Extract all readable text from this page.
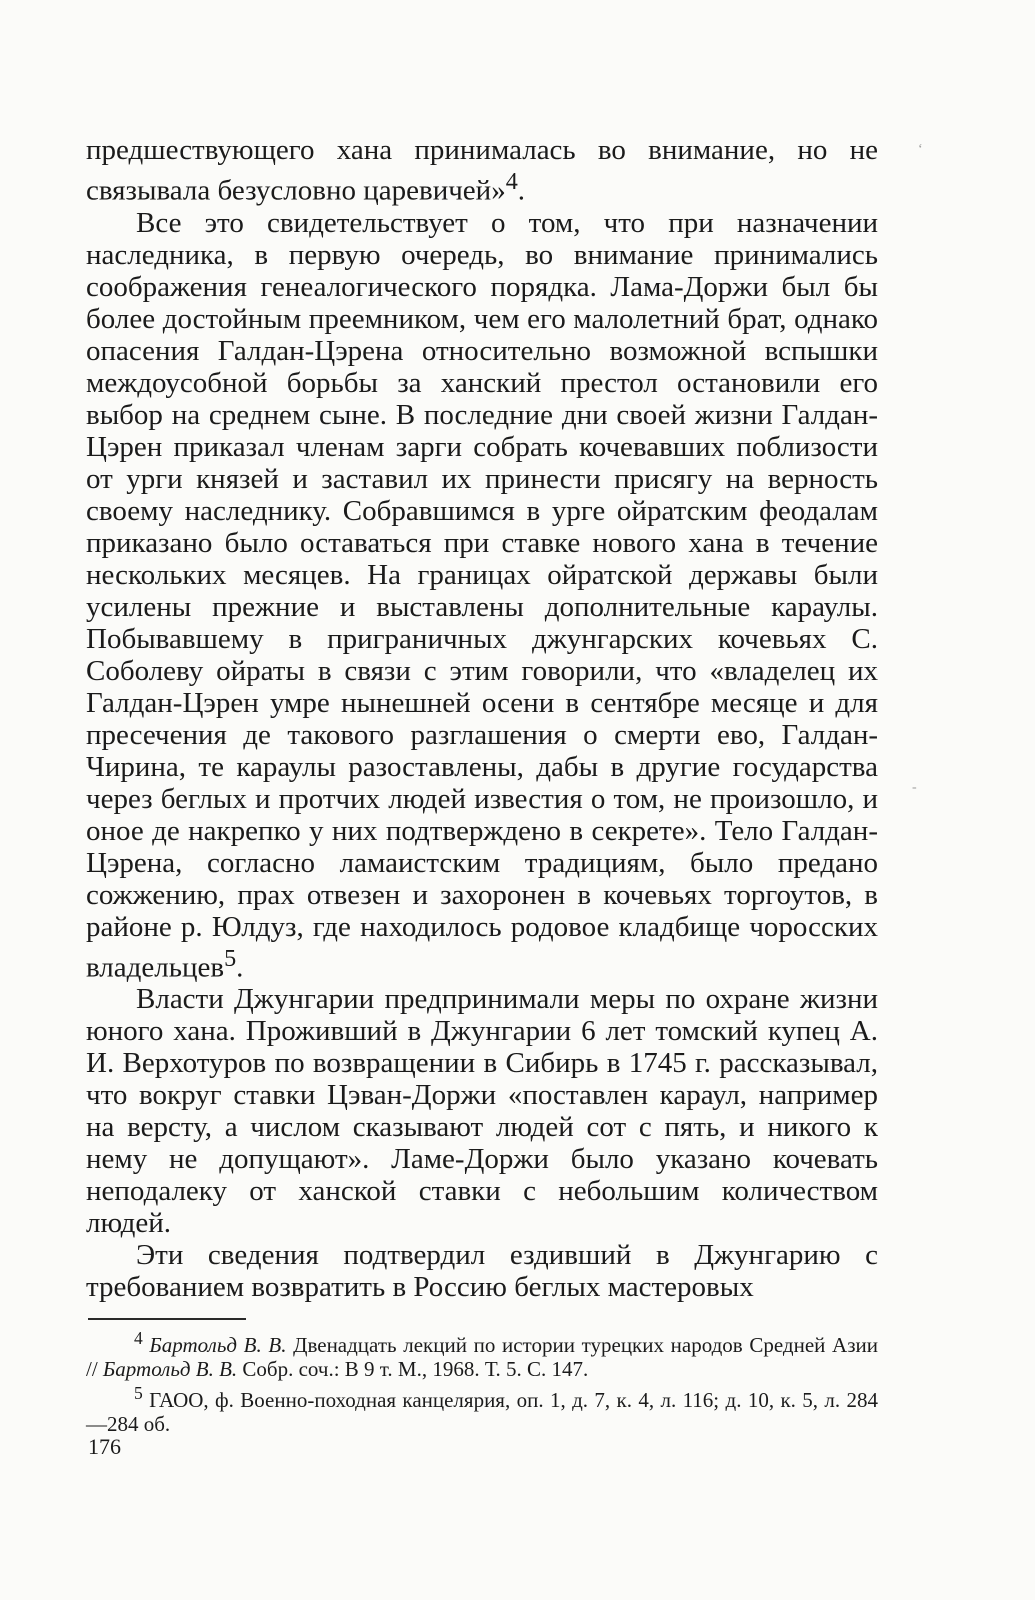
предшествующего хана принималась во внимание, но не связывала безусловно царевичей»$^4$.

Все это свидетельствует о том, что при назначении наследника, в первую очередь, во внимание принимались соображения генеалогического порядка. Лама-Доржи был бы более достойным преемником, чем его малолетний брат, однако опасения Галдан-Цэрена относительно возможной вспышки междоусобной борьбы за ханский престол остановили его выбор на среднем сыне. В последние дни своей жизни Галдан-Цэрен приказал членам зарги собрать кочевавших поблизости от урги князей и заставил их принести присягу на верность своему наследнику. Собравшимся в урге ойратским феодалам приказано было оставаться при ставке нового хана в течение нескольких месяцев. На границах ойратской державы были усилены прежние и выставлены дополнительные караулы. Побывавшему в приграничных джунгарских кочевьях С. Соболеву ойраты в связи с этим говорили, что «владелец их Галдан-Цэрен умре нынешней осени в сентябре месяце и для пресечения де такового разглашения о смерти ево, Галдан-Чирина, те караулы разоставлены, дабы в другие государства через беглых и протчих людей известия о том, не произошло, и оное де накрепко у них подтверждено в секрете». Тело Галдан-Цэрена, согласно ламаистским традициям, было предано сожжению, прах отвезен и захоронен в кочевьях торгоутов, в районе р. Юлдуз, где находилось родовое кладбище чоросских владельцев$^5$.

Власти Джунгарии предпринимали меры по охране жизни юного хана. Проживший в Джунгарии 6 лет томский купец А. И. Верхотуров по возвращении в Сибирь в 1745 г. рассказывал, что вокруг ставки Цэван-Доржи «поставлен караул, например на версту, а числом сказывают людей сот с пять, и никого к нему не допущают». Ламе-Доржи было указано кочевать неподалеку от ханской ставки с небольшим количеством людей.

Эти сведения подтвердил ездивший в Джунгарию с требованием возвратить в Россию беглых мастеровых

$^4$ Бартольд В. В. Двенадцать лекций по истории турецких народов Средней Азии // Бартольд В. В. Собр. соч.: В 9 т. М., 1968. Т. 5. С. 147.

$^5$ ГАОО, ф. Военно-походная канцелярия, оп. 1, д. 7, к. 4, л. 116; д. 10, к. 5, л. 284—284 об.

176
ʻ
-
